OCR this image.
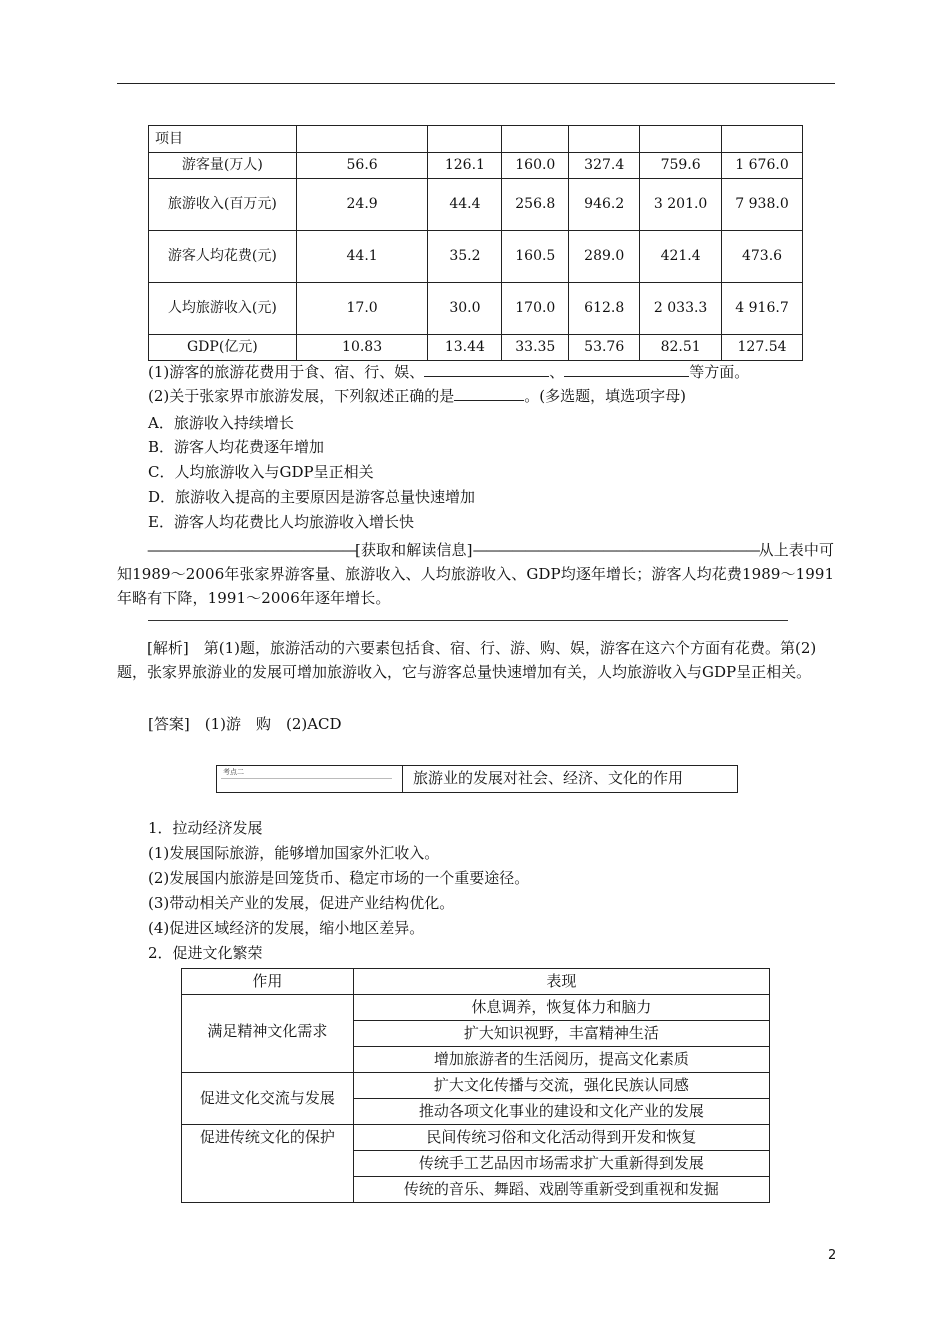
项目						
游客量(万人)	56.6	126.1	160.0	327.4	759.6	1 676.0
旅游收入(百万元)	24.9	44.4	256.8	946.2	3 201.0	7 938.0
游客人均花费(元)	44.1	35.2	160.5	289.0	421.4	473.6
人均旅游收入(元)	17.0	30.0	170.0	612.8	2 033.3	4 916.7
GDP(亿元)	10.83	13.44	33.35	53.76	82.51	127.54
(1)游客的旅游花费用于食、宿、行、娱、	、	等方面。
(2)关于张家界市旅游发展，下列叙述正确的是	。(多选题，填选项字母)
A．旅游收入持续增长
B．游客人均花费逐年增加
C．人均旅游收入与GDP呈正相关
D．旅游收入提高的主要原因是游客总量快速增加
E．游客人均花费比人均旅游收入增长快
————————————————[获取和解读信息]——————————————————————从上表中可知1989～2006年张家界游客量、旅游收入、人均旅游收入、GDP均逐年增长；游客人均花费1989～1991年略有下降，1991～2006年逐年增长。
[解析]　 第(1)题，旅游活动的六要素包括食、宿、行、游、购、娱，游客在这六个方面有花费。第(2)题，张家界旅游业的发展可增加旅游收入，它与游客总量快速增加有关，人均旅游收入与GDP呈正相关。
[答案]　 (1)游　购　(2)ACD
考点二	旅游业的发展对社会、经济、文化的作用
1．拉动经济发展
(1)发展国际旅游，能够增加国家外汇收入。
(2)发展国内旅游是回笼货币、稳定市场的一个重要途径。
(3)带动相关产业的发展，促进产业结构优化。
(4)促进区域经济的发展，缩小地区差异。
2．促进文化繁荣
作用	表现
满足精神文化需求	休息调养，恢复体力和脑力
	扩大知识视野，丰富精神生活
	增加旅游者的生活阅历，提高文化素质
促进文化交流与发展	扩大文化传播与交流，强化民族认同感
	推动各项文化事业的建设和文化产业的发展
促进传统文化的保护	民间传统习俗和文化活动得到开发和恢复
	传统手工艺品因市场需求扩大重新得到发展
	传统的音乐、舞蹈、戏剧等重新受到重视和发掘
2
